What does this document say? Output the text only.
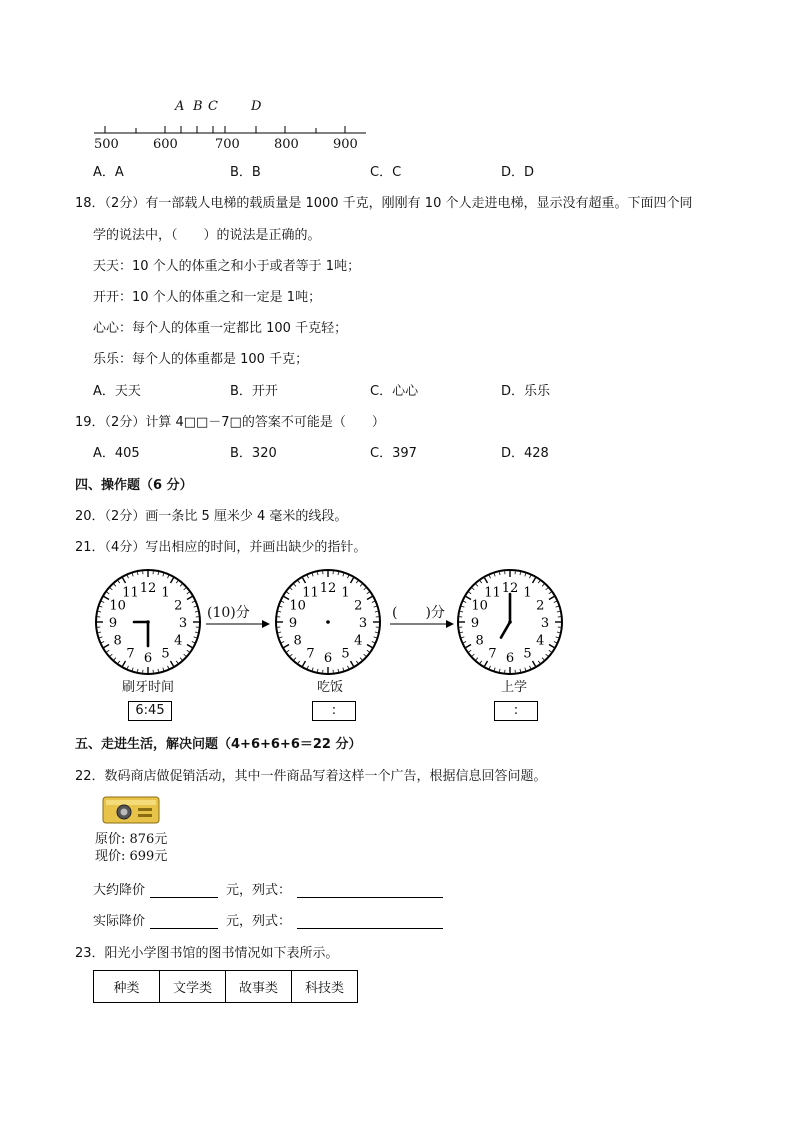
A B C	D
500	600	700	800	900
A．A	B．B	C．C	D．D
18．（2分）有一部载人电梯的载质量是 1000 千克，刚刚有 10 个人走进电梯，显示没有超重。下面四个同
学的说法中，（　　）的说法是正确的。
天天：10 个人的体重之和小于或者等于 1吨；
开开：10 个人的体重之和一定是 1吨；
心心：每个人的体重一定都比 100 千克轻；
乐乐：每个人的体重都是 100 千克；
A．天天	B．开开	C．心心	D．乐乐
19．（2分）计算 4□□－7□的答案不可能是（　　）
A．405	B．320	C．397	D．428
四、操作题（6 分）
20．（2分）画一条比 5 厘米少 4 毫米的线段。
21．（4分）写出相应的时间，并画出缺少的指针。
12 1
2
3
4
5
6
7
8
9
10
11	12 1
2
3
4
5
6
7
8
9
10
11	12 1
2
3
4
5
6
7
8
9
10
11
(10)分	(　　)分
刷牙时间	吃饭	上学
6:45	:	:
五、走进生活，解决问题（4+6+6+6＝22 分）
22．数码商店做促销活动，其中一件商品写着这样一个广告，根据信息回答问题。
原价: 876元
现价: 699元
大约降价	元，列式：
实际降价	元，列式：
23．阳光小学图书馆的图书情况如下表所示。
种类	文学类	故事类	科技类
